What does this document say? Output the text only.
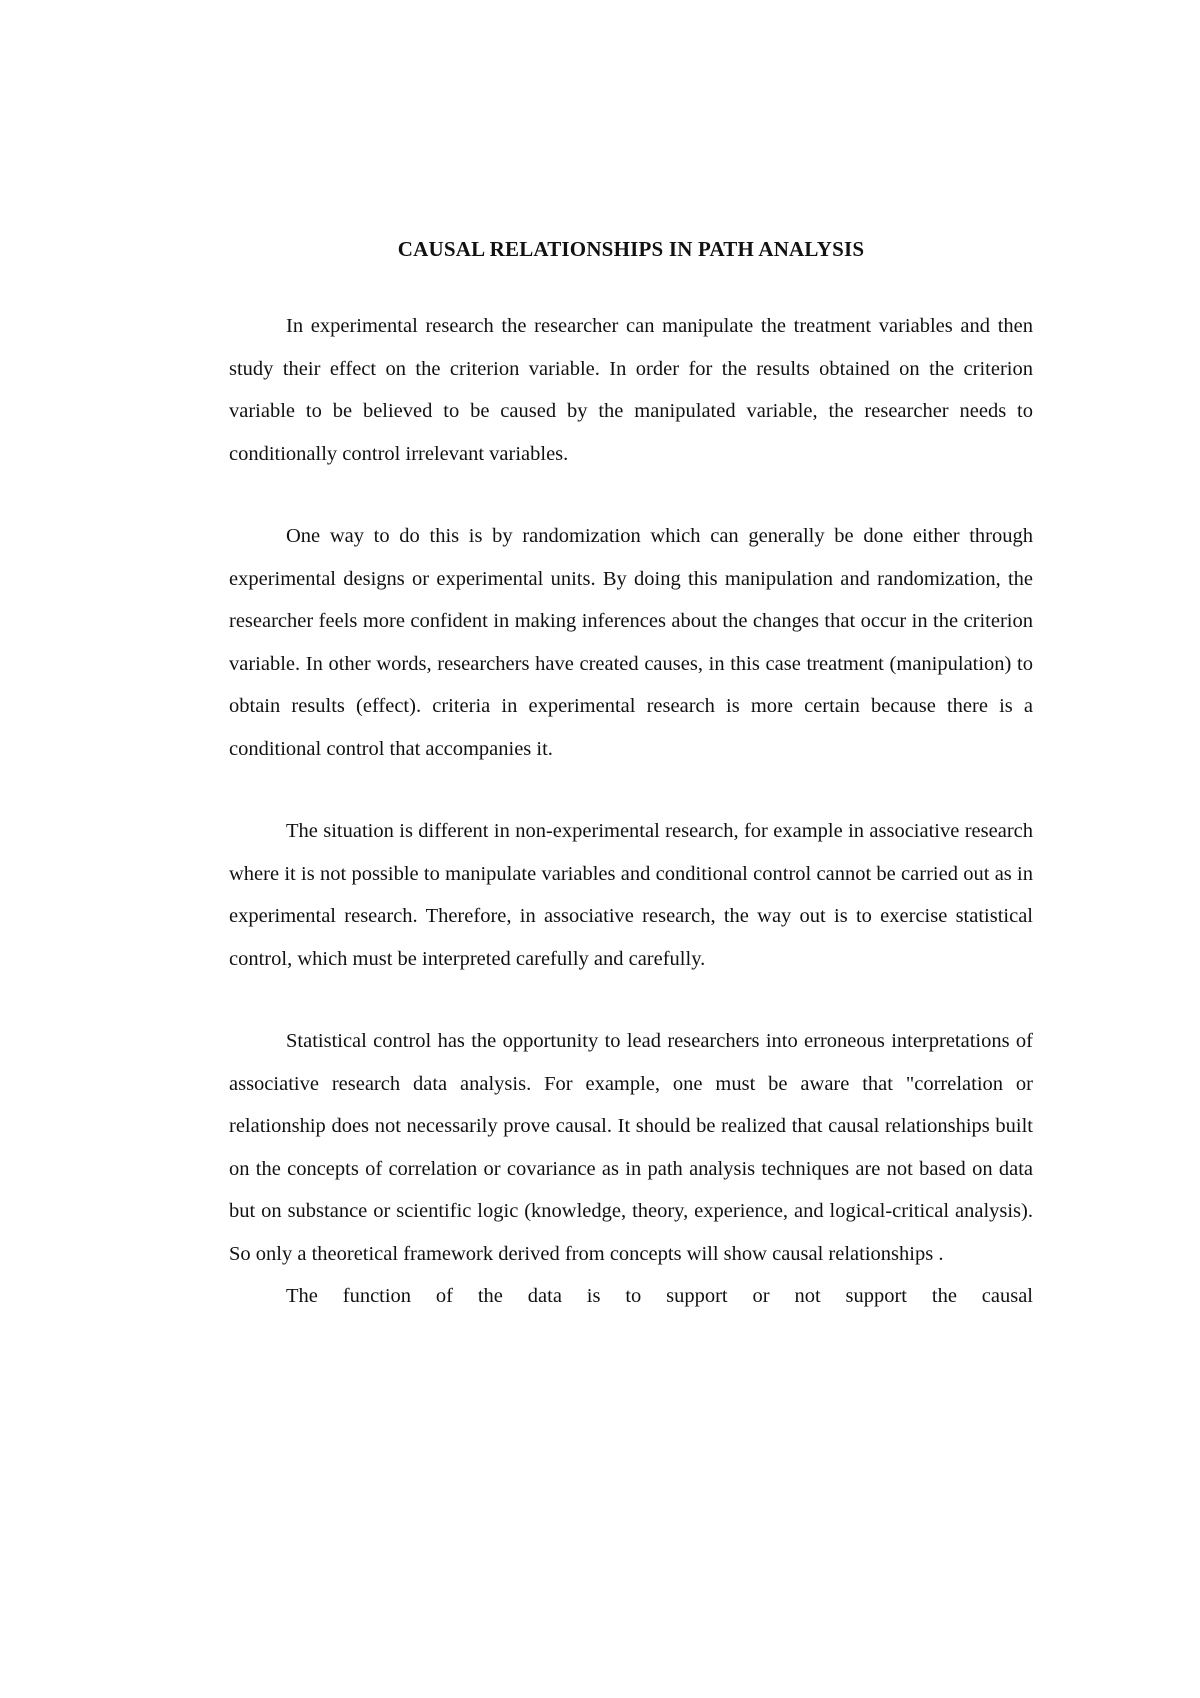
CAUSAL RELATIONSHIPS IN PATH ANALYSIS

In experimental research the researcher can manipulate the treatment variables and then study their effect on the criterion variable. In order for the results obtained on the criterion variable to be believed to be caused by the manipulated variable, the researcher needs to conditionally control irrelevant variables.

One way to do this is by randomization which can generally be done either through experimental designs or experimental units. By doing this manipulation and randomization, the researcher feels more confident in making inferences about the changes that occur in the criterion variable. In other words, researchers have created causes, in this case treatment (manipulation) to obtain results (effect). criteria in experimental research is more certain because there is a conditional control that accompanies it.

The situation is different in non-experimental research, for example in associative research where it is not possible to manipulate variables and conditional control cannot be carried out as in experimental research. Therefore, in associative research, the way out is to exercise statistical control, which must be interpreted carefully and carefully.

Statistical control has the opportunity to lead researchers into erroneous interpretations of associative research data analysis. For example, one must be aware that "correlation or relationship does not necessarily prove causal. It should be realized that causal relationships built on the concepts of correlation or covariance as in path analysis techniques are not based on data but on substance or scientific logic (knowledge, theory, experience, and logical-critical analysis). So only a theoretical framework derived from concepts will show causal relationships .

The function of the data is to support or not support the causal
